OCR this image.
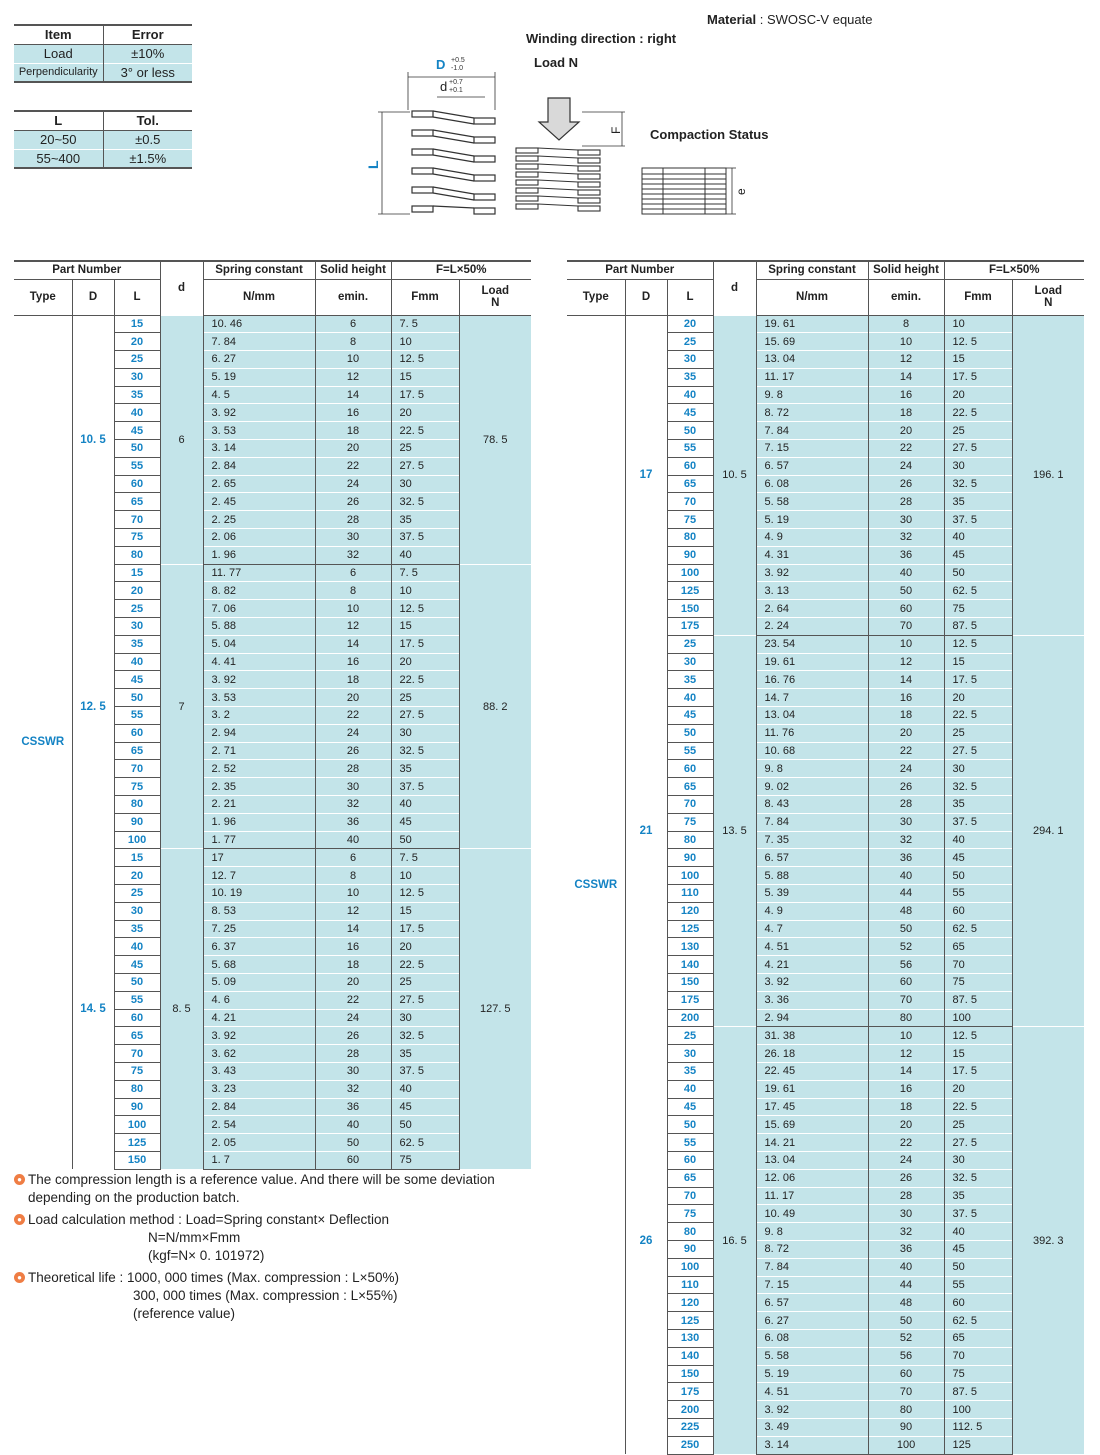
Item	Error
Load	±10%
Perpendicularity	3° or less
L	Tol.
20~50	±0.5
55~400	±1.5%
Material : SWOSC-V equate
Winding direction : right
Load N
Compaction Status
D +0.5
-1.0
d +0.7
+0.1
L
F
e
Part Number			d	Spring constant	Solid height	F=L×50%	
Type	D	L		N/mm	emin.	Fmm	Load
N
CSSWR	10. 5	15	6	10. 46	6	7. 5	78. 5
		20		7. 84	8	10	
		25		6. 27	10	12. 5	
		30		5. 19	12	15	
		35		4. 5	14	17. 5	
		40		3. 92	16	20	
		45		3. 53	18	22. 5	
		50		3. 14	20	25	
		55		2. 84	22	27. 5	
		60		2. 65	24	30	
		65		2. 45	26	32. 5	
		70		2. 25	28	35	
		75		2. 06	30	37. 5	
		80		1. 96	32	40	
	12. 5	15	7	11. 77	6	7. 5	88. 2
		20		8. 82	8	10	
		25		7. 06	10	12. 5	
		30		5. 88	12	15	
		35		5. 04	14	17. 5	
		40		4. 41	16	20	
		45		3. 92	18	22. 5	
		50		3. 53	20	25	
		55		3. 2	22	27. 5	
		60		2. 94	24	30	
		65		2. 71	26	32. 5	
		70		2. 52	28	35	
		75		2. 35	30	37. 5	
		80		2. 21	32	40	
		90		1. 96	36	45	
		100		1. 77	40	50	
	14. 5	15	8. 5	17	6	7. 5	127. 5
		20		12. 7	8	10	
		25		10. 19	10	12. 5	
		30		8. 53	12	15	
		35		7. 25	14	17. 5	
		40		6. 37	16	20	
		45		5. 68	18	22. 5	
		50		5. 09	20	25	
		55		4. 6	22	27. 5	
		60		4. 21	24	30	
		65		3. 92	26	32. 5	
		70		3. 62	28	35	
		75		3. 43	30	37. 5	
		80		3. 23	32	40	
		90		2. 84	36	45	
		100		2. 54	40	50	
		125		2. 05	50	62. 5	
		150		1. 7	60	75	
Part Number			d	Spring constant	Solid height	F=L×50%	
Type	D	L		N/mm	emin.	Fmm	Load
N
CSSWR	17	20	10. 5	19. 61	8	10	196. 1
		25		15. 69	10	12. 5	
		30		13. 04	12	15	
		35		11. 17	14	17. 5	
		40		9. 8	16	20	
		45		8. 72	18	22. 5	
		50		7. 84	20	25	
		55		7. 15	22	27. 5	
		60		6. 57	24	30	
		65		6. 08	26	32. 5	
		70		5. 58	28	35	
		75		5. 19	30	37. 5	
		80		4. 9	32	40	
		90		4. 31	36	45	
		100		3. 92	40	50	
		125		3. 13	50	62. 5	
		150		2. 64	60	75	
		175		2. 24	70	87. 5	
	21	25	13. 5	23. 54	10	12. 5	294. 1
		30		19. 61	12	15	
		35		16. 76	14	17. 5	
		40		14. 7	16	20	
		45		13. 04	18	22. 5	
		50		11. 76	20	25	
		55		10. 68	22	27. 5	
		60		9. 8	24	30	
		65		9. 02	26	32. 5	
		70		8. 43	28	35	
		75		7. 84	30	37. 5	
		80		7. 35	32	40	
		90		6. 57	36	45	
		100		5. 88	40	50	
		110		5. 39	44	55	
		120		4. 9	48	60	
		125		4. 7	50	62. 5	
		130		4. 51	52	65	
		140		4. 21	56	70	
		150		3. 92	60	75	
		175		3. 36	70	87. 5	
		200		2. 94	80	100	
	26	25	16. 5	31. 38	10	12. 5	392. 3
		30		26. 18	12	15	
		35		22. 45	14	17. 5	
		40		19. 61	16	20	
		45		17. 45	18	22. 5	
		50		15. 69	20	25	
		55		14. 21	22	27. 5	
		60		13. 04	24	30	
		65		12. 06	26	32. 5	
		70		11. 17	28	35	
		75		10. 49	30	37. 5	
		80		9. 8	32	40	
		90		8. 72	36	45	
		100		7. 84	40	50	
		110		7. 15	44	55	
		120		6. 57	48	60	
		125		6. 27	50	62. 5	
		130		6. 08	52	65	
		140		5. 58	56	70	
		150		5. 19	60	75	
		175		4. 51	70	87. 5	
		200		3. 92	80	100	
		225		3. 49	90	112. 5	
		250		3. 14	100	125	
● The compression length is a reference value. And there will be some deviation
depending on the production batch.
● Load calculation method : Load=Spring constant× Deflection
N=N/mm×Fmm
(kgf=N× 0. 101972)
● Theoretical life : 1000, 000 times (Max. compression : L×50%)
300, 000 times (Max. compression : L×55%)
(reference value)
